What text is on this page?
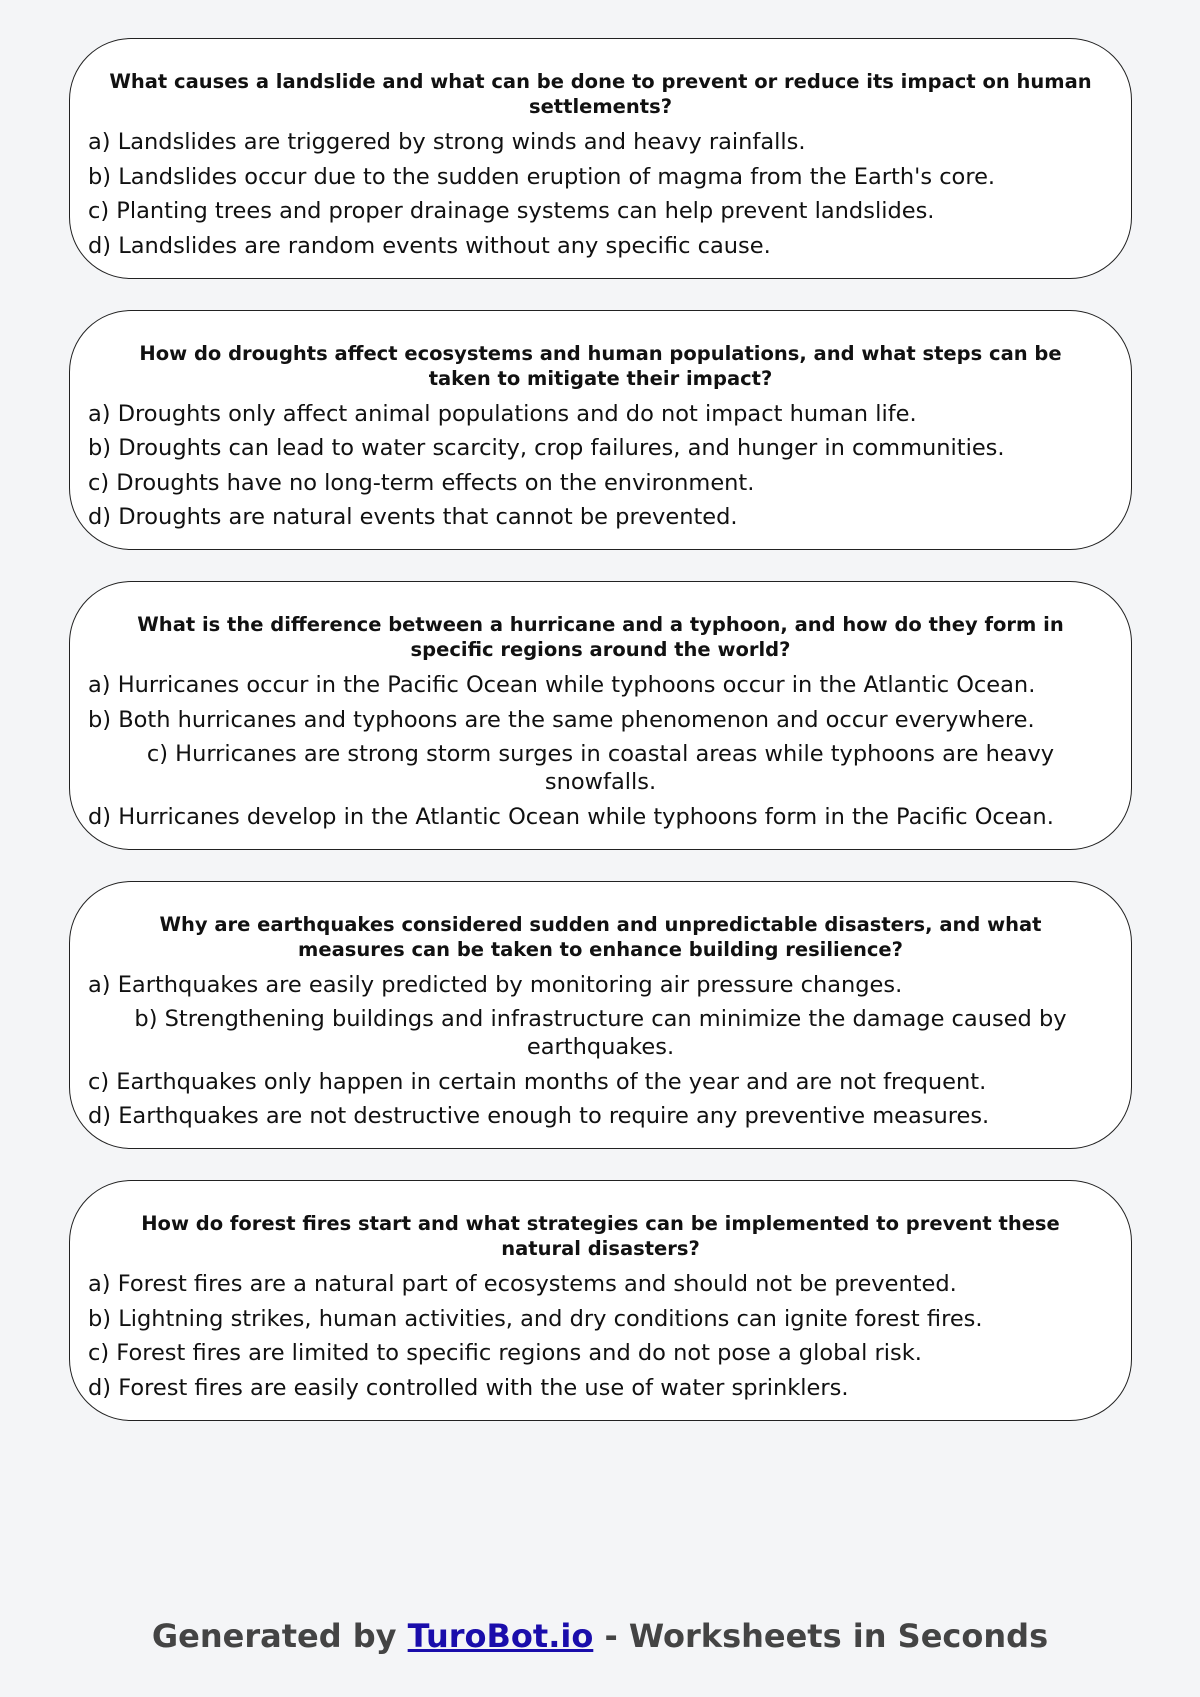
What causes a landslide and what can be done to prevent or reduce its impact on human settlements?
a) Landslides are triggered by strong winds and heavy rainfalls.
b) Landslides occur due to the sudden eruption of magma from the Earth's core.
c) Planting trees and proper drainage systems can help prevent landslides.
d) Landslides are random events without any specific cause.
How do droughts affect ecosystems and human populations, and what steps can be taken to mitigate their impact?
a) Droughts only affect animal populations and do not impact human life.
b) Droughts can lead to water scarcity, crop failures, and hunger in communities.
c) Droughts have no long-term effects on the environment.
d) Droughts are natural events that cannot be prevented.
What is the difference between a hurricane and a typhoon, and how do they form in specific regions around the world?
a) Hurricanes occur in the Pacific Ocean while typhoons occur in the Atlantic Ocean.
b) Both hurricanes and typhoons are the same phenomenon and occur everywhere.
c) Hurricanes are strong storm surges in coastal areas while typhoons are heavy snowfalls.
d) Hurricanes develop in the Atlantic Ocean while typhoons form in the Pacific Ocean.
Why are earthquakes considered sudden and unpredictable disasters, and what measures can be taken to enhance building resilience?
a) Earthquakes are easily predicted by monitoring air pressure changes.
b) Strengthening buildings and infrastructure can minimize the damage caused by earthquakes.
c) Earthquakes only happen in certain months of the year and are not frequent.
d) Earthquakes are not destructive enough to require any preventive measures.
How do forest fires start and what strategies can be implemented to prevent these natural disasters?
a) Forest fires are a natural part of ecosystems and should not be prevented.
b) Lightning strikes, human activities, and dry conditions can ignite forest fires.
c) Forest fires are limited to specific regions and do not pose a global risk.
d) Forest fires are easily controlled with the use of water sprinklers.
Generated by TuroBot.io - Worksheets in Seconds
